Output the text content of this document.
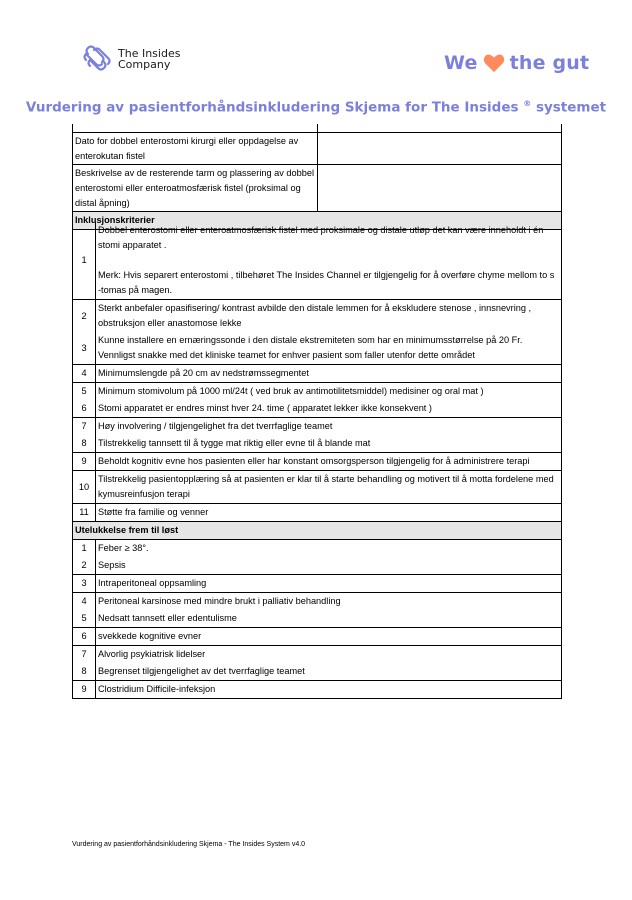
The Insides
Company	We the gut
Vurdering av pasientforhåndsinkludering Skjema for The Insides ® systemet

Dato for dobbel enterostomi kirurgi eller oppdagelse av enterokutan fistel	
Beskrivelse av de resterende tarm og plassering av dobbel enterostomi eller enteroatmosfærisk fistel (proksimal og distal åpning)	
Inklusjonskriterier	
1	Dobbel enterostomi eller enteroatmosfærisk fistel med proksimale og distale utløp det kan være inneholdt i én stomi apparatet .
Merk: Hvis separert enterostomi , tilbehøret The Insides Channel er tilgjengelig for å overføre chyme mellom to s -tomas på magen.

2	Sterkt anbefaler opasifisering/ kontrast avbilde den distale lemmen for å ekskludere stenose , innsnevring , obstruksjon eller anastomose lekke
3	Kunne installere en ernæringssonde i den distale ekstremiteten som har en minimumsstørrelse på 20 Fr. Vennligst snakke med det kliniske teamet for enhver pasient som faller utenfor dette området
4	Minimumslengde på 20 cm av nedstrømssegmentet
5	Minimum stomivolum på 1000 ml/24t ( ved bruk av antimotilitetsmiddel) medisiner og oral mat )
6	Stomi apparatet er endres minst hver 24. time ( apparatet lekker ikke konsekvent )
7	Høy involvering / tilgjengelighet fra det tverrfaglige teamet
8	Tilstrekkelig tannsett til å tygge mat riktig eller evne til å blande mat
9	Beholdt kognitiv evne hos pasienten eller har konstant omsorgsperson tilgjengelig for å administrere terapi
10	Tilstrekkelig pasientopplæring så at pasienten er klar til å starte behandling og motivert til å motta fordelene med kymusreinfusjon terapi
11	Støtte fra familie og venner
Utelukkelse frem til løst	
1	Feber ≥ 38°.
2	Sepsis
3	Intraperitoneal oppsamling
4	Peritoneal karsinose med mindre brukt i palliativ behandling
5	Nedsatt tannsett eller edentulisme
6	svekkede kognitive evner
7	Alvorlig psykiatrisk lidelser
8	Begrenset tilgjengelighet av det tverrfaglige teamet
9	Clostridium Difficile-infeksjon
Vurdering av pasientforhåndsinkludering Skjema - The Insides System v4.0
